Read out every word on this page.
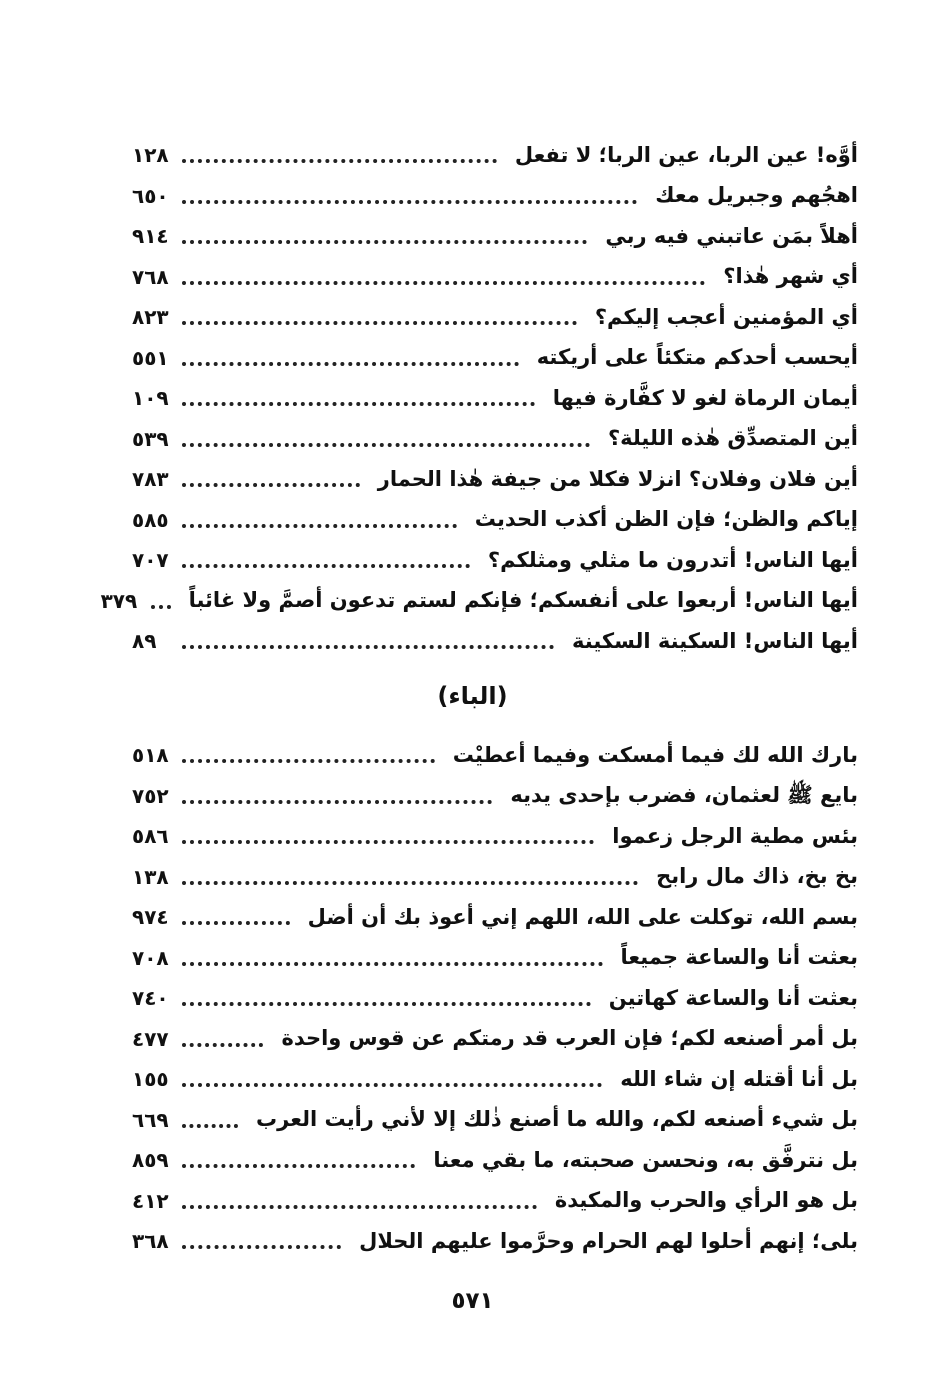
أوَّه! عين الربا، عين الربا؛ لا تفعل
١٢٨
اهجُهم وجبريل معك
٦٥٠
أهلاً بمَن عاتبني فيه ربي
٩١٤
أي شهر هٰذا؟
٧٦٨
أي المؤمنين أعجب إليكم؟
٨٢٣
أيحسب أحدكم متكئاً على أريكته
٥٥١
أيمان الرماة لغو لا كفَّارة فيها
١٠٩
أين المتصدِّق هٰذه الليلة؟
٥٣٩
أين فلان وفلان؟ انزلا فكلا من جيفة هٰذا الحمار
٧٨٣
إياكم والظن؛ فإن الظن أكذب الحديث
٥٨٥
أيها الناس! أتدرون ما مثلي ومثلكم؟
٧٠٧
أيها الناس! أربعوا على أنفسكم؛ فإنكم لستم تدعون أصمَّ ولا غائباً
٣٧٩
أيها الناس! السكينة السكينة
٨٩
(الباء)
بارك الله لك فيما أمسكت وفيما أعطيْت
٥١٨
بايع ﷺ لعثمان، فضرب بإحدى يديه
٧٥٢
بئس مطية الرجل زعموا
٥٨٦
بخ بخ، ذاك مال رابح
١٣٨
بسم الله، توكلت على الله، اللهم إني أعوذ بك أن أضل
٩٧٤
بعثت أنا والساعة جميعاً
٧٠٨
بعثت أنا والساعة كهاتين
٧٤٠
بل أمر أصنعه لكم؛ فإن العرب قد رمتكم عن قوس واحدة
٤٧٧
بل أنا أقتله إن شاء الله
١٥٥
بل شيء أصنعه لكم، والله ما أصنع ذٰلك إلا لأني رأيت العرب
٦٦٩
بل نترفَّق به، ونحسن صحبته، ما بقي معنا
٨٥٩
بل هو الرأي والحرب والمكيدة
٤١٢
بلى؛ إنهم أحلوا لهم الحرام وحرَّموا عليهم الحلال
٣٦٨
٥٧١
